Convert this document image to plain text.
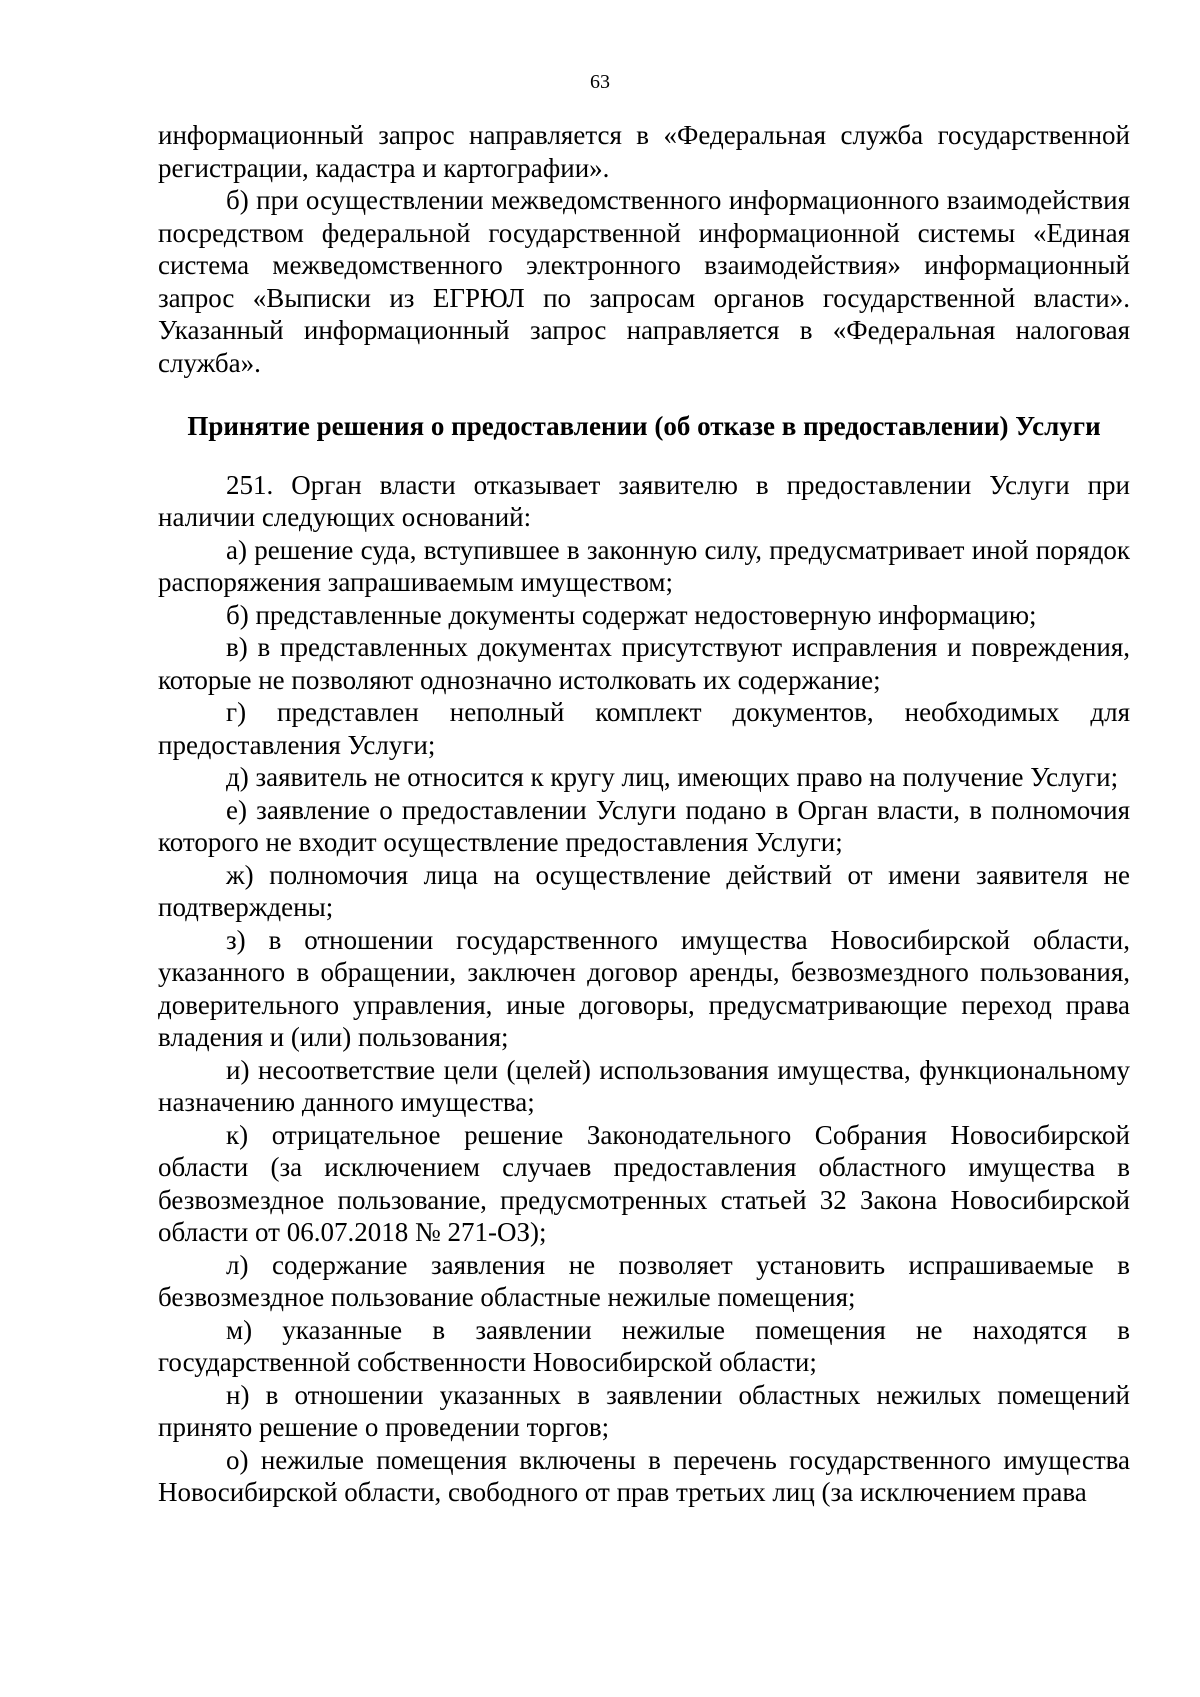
63

информационный запрос направляется в «Федеральная служба государственной регистрации, кадастра и картографии».

б) при осуществлении межведомственного информационного взаимодействия посредством федеральной государственной информационной системы «Единая система межведомственного электронного взаимодействия» информационный запрос «Выписки из ЕГРЮЛ по запросам органов государственной власти». Указанный информационный запрос направляется в «Федеральная налоговая служба».

Принятие решения о предоставлении (об отказе в предоставлении) Услуги

251. Орган власти отказывает заявителю в предоставлении Услуги при наличии следующих оснований:

а) решение суда, вступившее в законную силу, предусматривает иной порядок распоряжения запрашиваемым имуществом;

б) представленные документы содержат недостоверную информацию;

в) в представленных документах присутствуют исправления и повреждения, которые не позволяют однозначно истолковать их содержание;

г) представлен неполный комплект документов, необходимых для предоставления Услуги;

д) заявитель не относится к кругу лиц, имеющих право на получение Услуги;

е) заявление о предоставлении Услуги подано в Орган власти, в полномочия которого не входит осуществление предоставления Услуги;

ж) полномочия лица на осуществление действий от имени заявителя не подтверждены;

з) в отношении государственного имущества Новосибирской области, указанного в обращении, заключен договор аренды, безвозмездного пользования, доверительного управления, иные договоры, предусматривающие переход права владения и (или) пользования;

и) несоответствие цели (целей) использования имущества, функциональному назначению данного имущества;

к) отрицательное решение Законодательного Собрания Новосибирской области (за исключением случаев предоставления областного имущества в безвозмездное пользование, предусмотренных статьей 32 Закона Новосибирской области от 06.07.2018 № 271-ОЗ);

л) содержание заявления не позволяет установить испрашиваемые в безвозмездное пользование областные нежилые помещения;

м) указанные в заявлении нежилые помещения не находятся в государственной собственности Новосибирской области;

н) в отношении указанных в заявлении областных нежилых помещений принято решение о проведении торгов;

о) нежилые помещения включены в перечень государственного имущества Новосибирской области, свободного от прав третьих лиц (за исключением права
